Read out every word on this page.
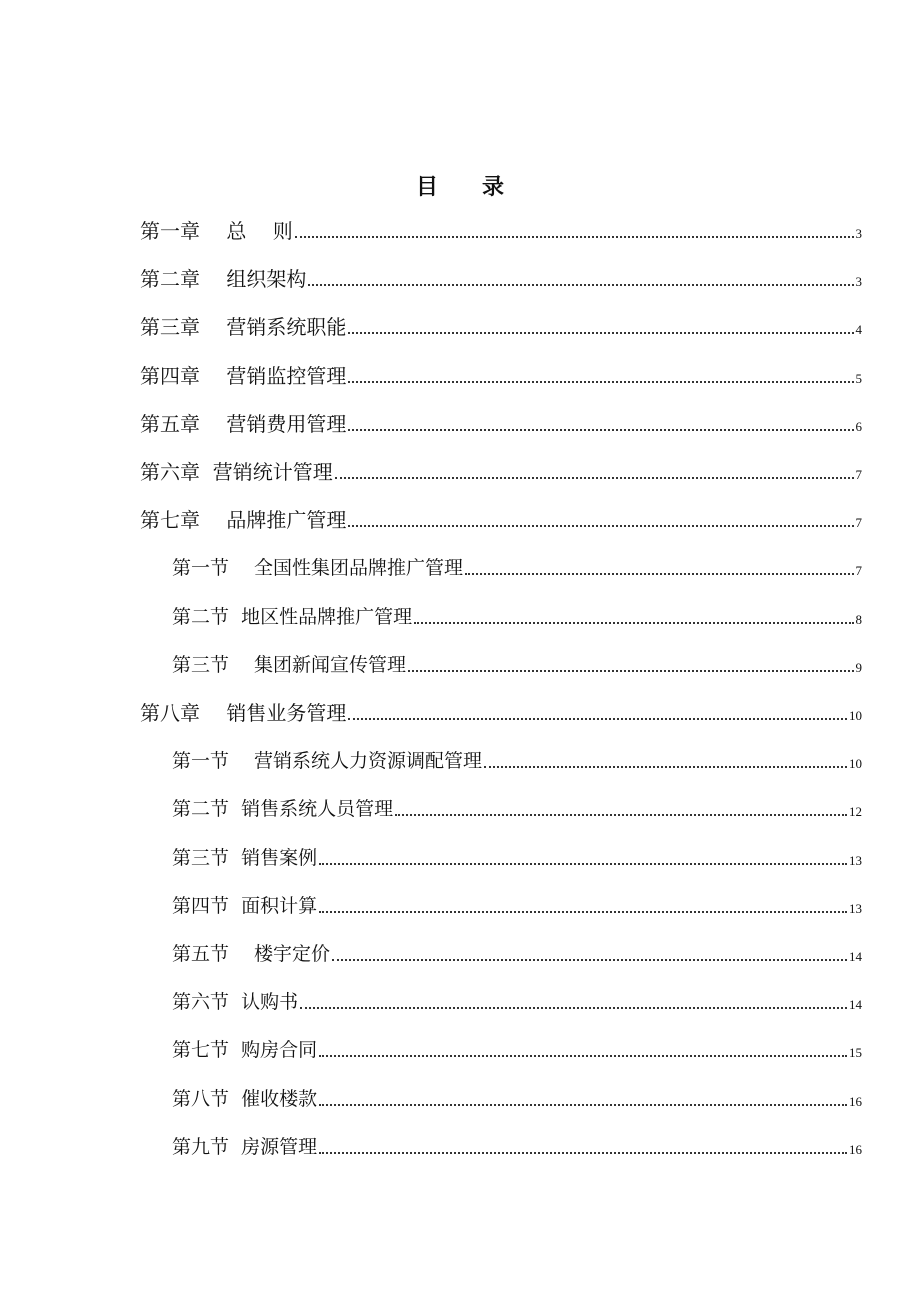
目 录
第一章　 总　 则	3
第二章　 组织架构	3
第三章　 营销系统职能	4
第四章　 营销监控管理	5
第五章　 营销费用管理	6
第六章  营销统计管理	7
第七章　 品牌推广管理	7
第一节　 全国性集团品牌推广管理	7
第二节  地区性品牌推广管理	8
第三节　 集团新闻宣传管理	9
第八章　 销售业务管理	10
第一节　 营销系统人力资源调配管理	10
第二节  销售系统人员管理	12
第三节  销售案例	13
第四节  面积计算	13
第五节　 楼宇定价	14
第六节  认购书	14
第七节  购房合同	15
第八节  催收楼款	16
第九节  房源管理	16
